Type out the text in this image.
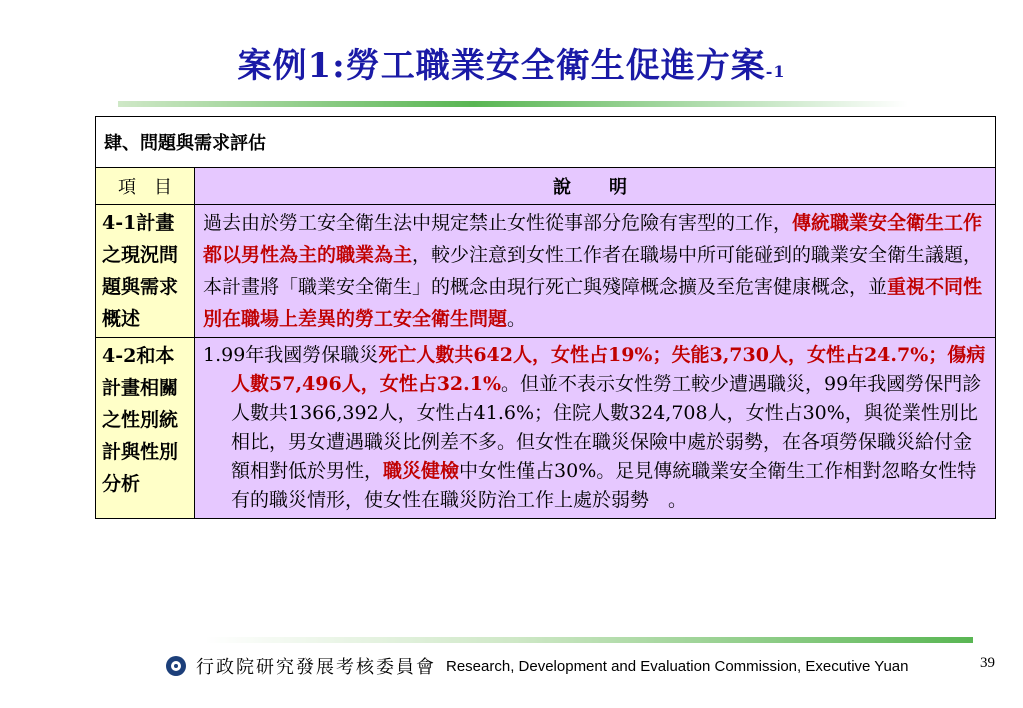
案例1:勞工職業安全衛生促進方案-1
肆、問題與需求評估	
項　目	說　明
4-1計畫之現況問題與需求概述	過去由於勞工安全衛生法中規定禁止女性從事部分危險有害型的工作，傳統職業安全衛生工作都以男性為主的職業為主，較少注意到女性工作者在職場中所可能碰到的職業安全衛生議題，本計畫將「職業安全衛生」的概念由現行死亡與殘障概念擴及至危害健康概念，並重視不同性別在職場上差異的勞工安全衛生問題。
4-2和本計畫相關之性別統計與性別分析	1.99年我國勞保職災死亡人數共642人，女性占19%；失能3,730人，女性占24.7%；傷病人數57,496人，女性占32.1%。但並不表示女性勞工較少遭遇職災，99年我國勞保門診人數共1366,392人，女性占41.6%；住院人數324,708人，女性占30%，與從業性別比相比，男女遭遇職災比例差不多。但女性在職災保險中處於弱勢，在各項勞保職災給付金額相對低於男性，職災健檢中女性僅占30%。足見傳統職業安全衛生工作相對忽略女性特有的職災情形，使女性在職災防治工作上處於弱勢　。
行政院研究發展考核委員會 Research, Development and Evaluation Commission, Executive Yuan	39
